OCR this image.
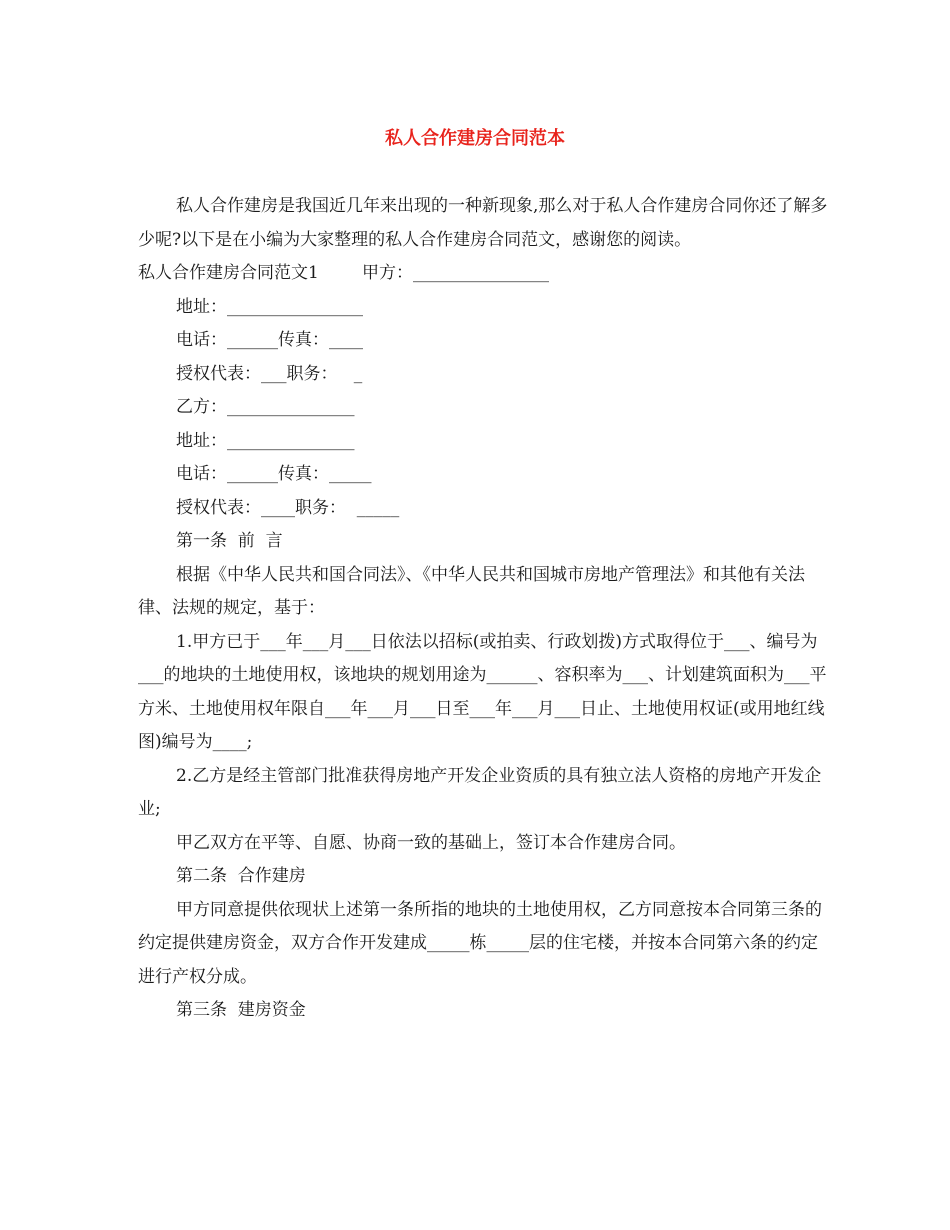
私人合作建房合同范本

私人合作建房是我国近几年来出现的一种新现象,那么对于私人合作建房合同你还了解多少呢?以下是在小编为大家整理的私人合作建房合同范文，感谢您的阅读。

私人合作建房合同范文1        甲方：________________

地址：________________

电话：______传真：____

授权代表：___职务：   _

乙方：_______________

地址：_______________

电话：______传真：_____

授权代表：____职务：  _____

第一条  前  言

根据《中华人民共和国合同法》、《中华人民共和国城市房地产管理法》和其他有关法律、法规的规定，基于：

1.甲方已于___年___月___日依法以招标(或拍卖、行政划拨)方式取得位于___、编号为___的地块的土地使用权，该地块的规划用途为______、容积率为___、计划建筑面积为___平方米、土地使用权年限自___年___月___日至___年___月___日止、土地使用权证(或用地红线图)编号为____;

2.乙方是经主管部门批准获得房地产开发企业资质的具有独立法人资格的房地产开发企业;

甲乙双方在平等、自愿、协商一致的基础上，签订本合作建房合同。

第二条  合作建房

甲方同意提供依现状上述第一条所指的地块的土地使用权，乙方同意按本合同第三条的约定提供建房资金，双方合作开发建成_____栋_____层的住宅楼，并按本合同第六条的约定进行产权分成。

第三条  建房资金
